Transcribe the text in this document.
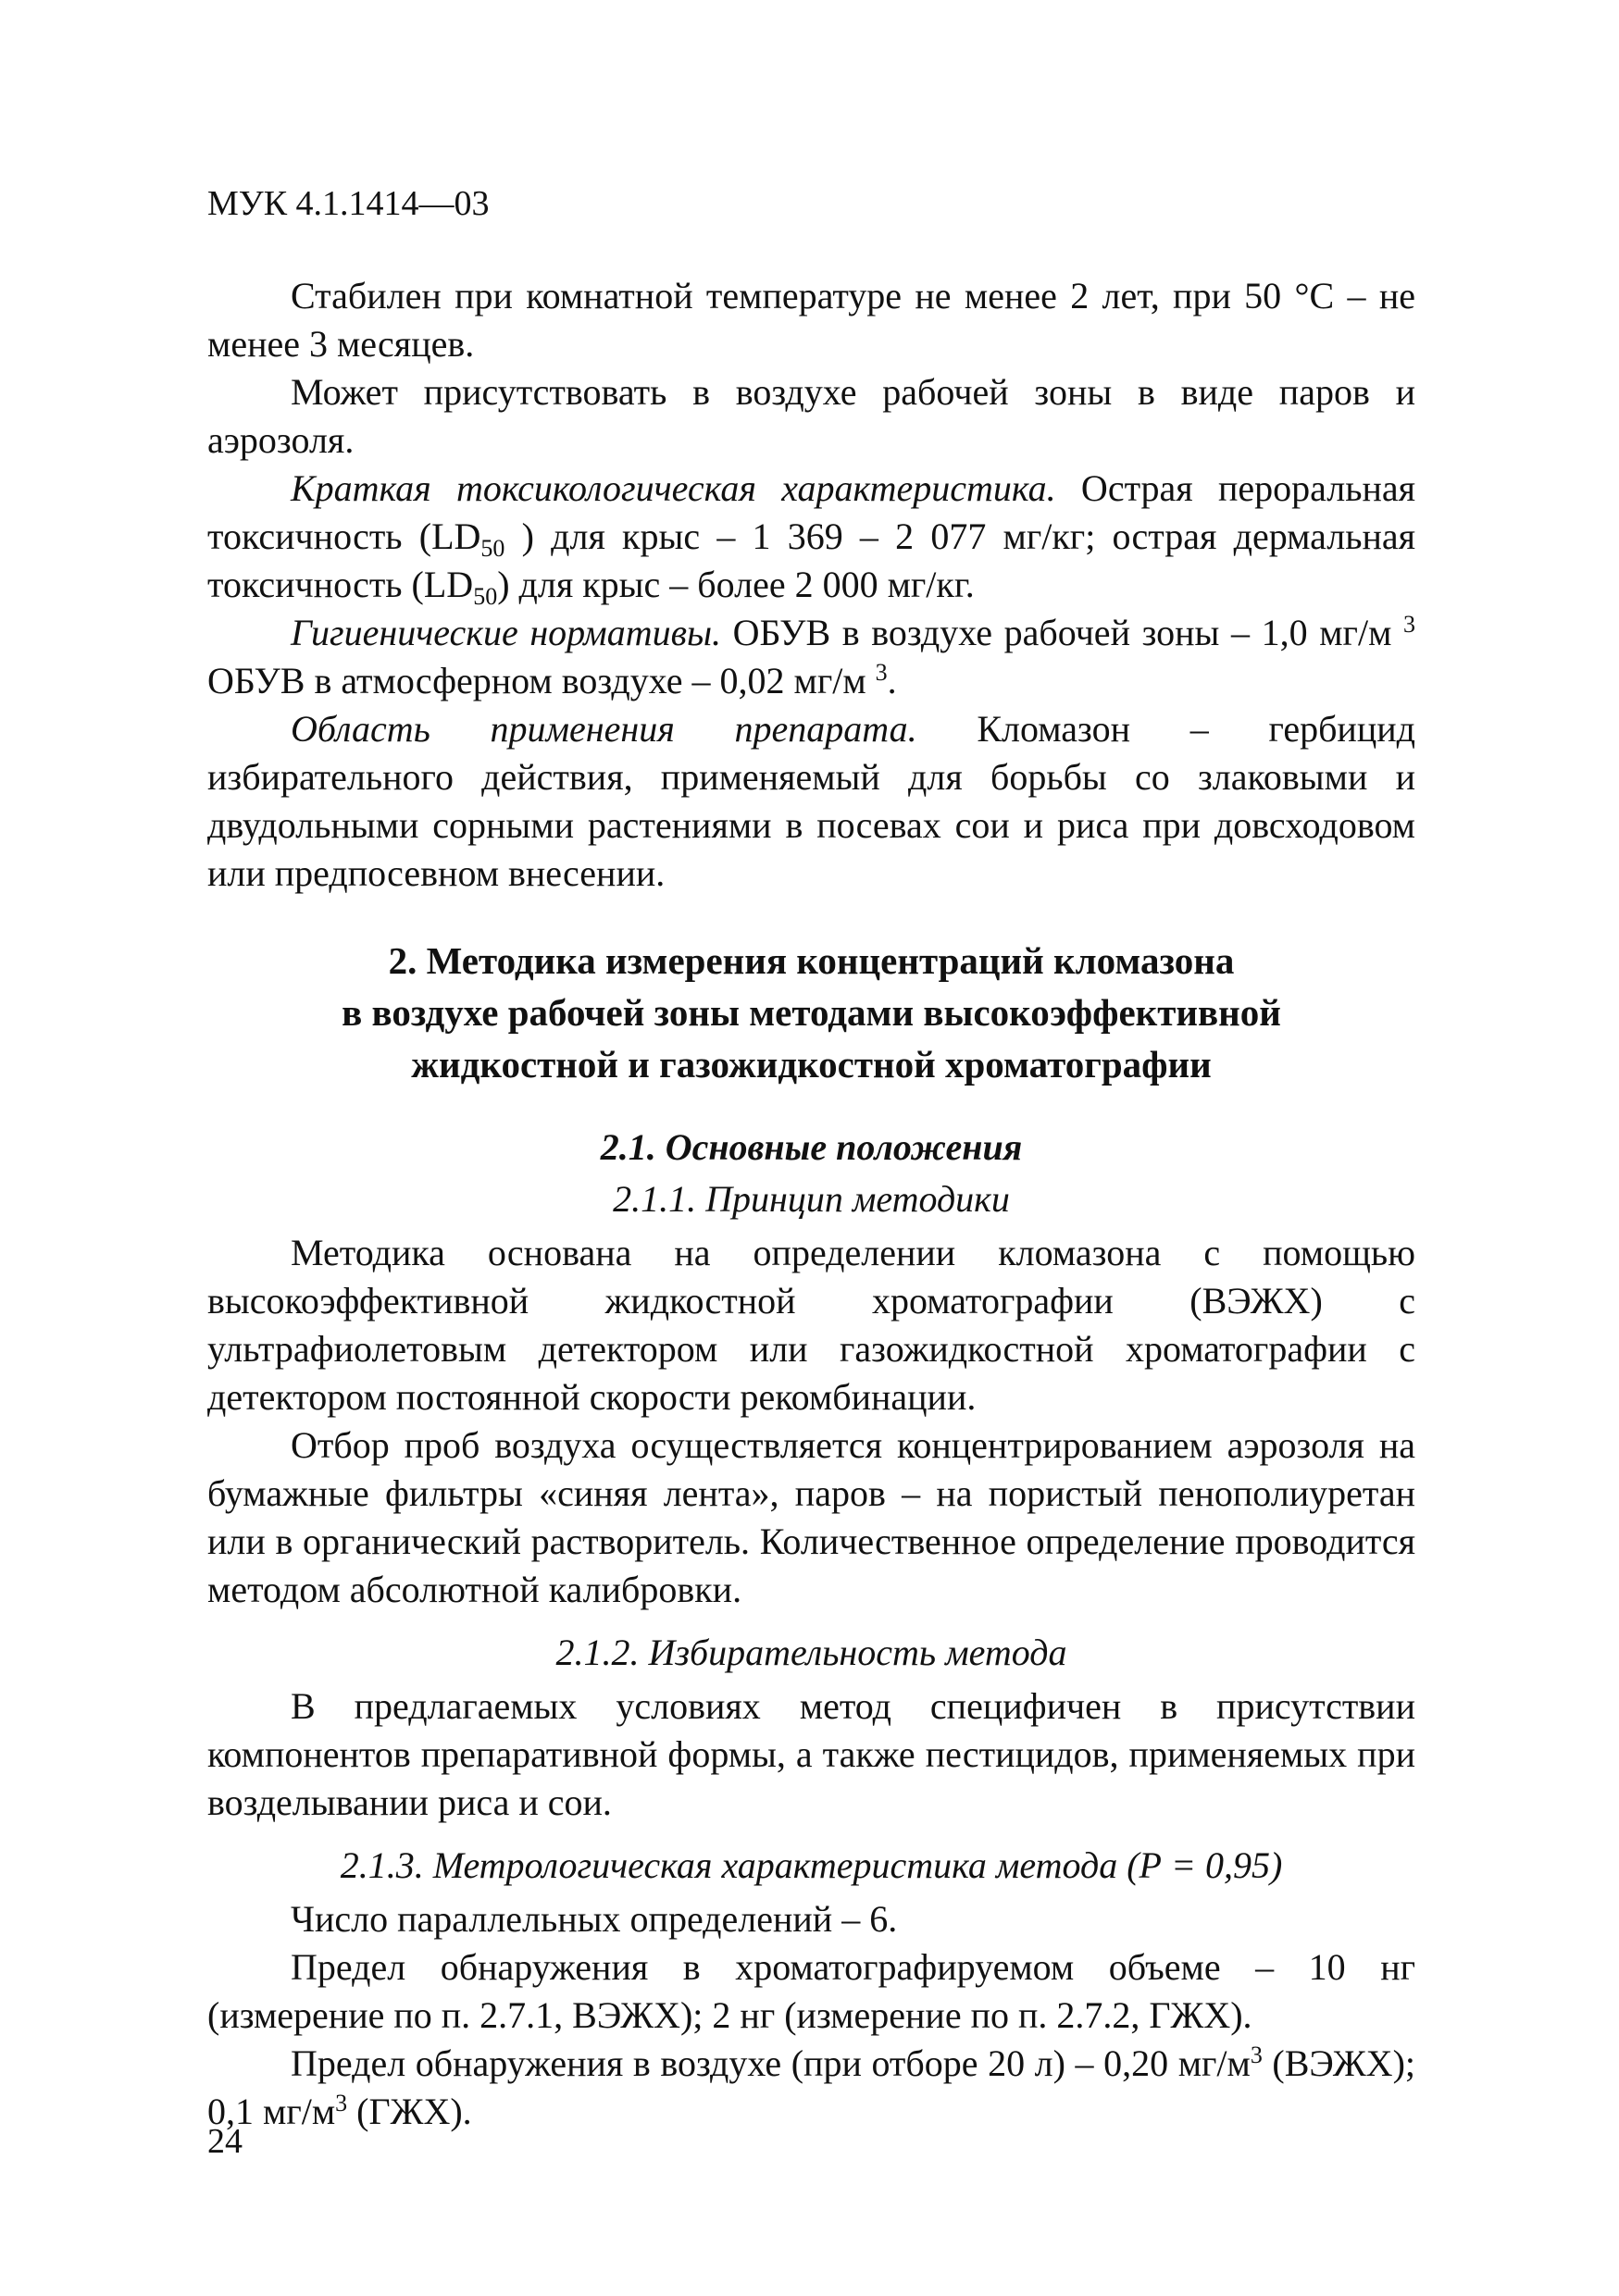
МУК 4.1.1414—03

Стабилен при комнатной температуре не менее 2 лет, при 50 °С – не менее 3 месяцев.

Может присутствовать в воздухе рабочей зоны в виде паров и аэрозоля.

Краткая токсикологическая характеристика. Острая пероральная токсичность ($LD_{50}$ ) для крыс – 1 369 – 2 077 мг/кг; острая дермальная токсичность $(LD_{50})$ для крыс – более 2 000 мг/кг.

Гигиенические нормативы. ОБУВ в воздухе рабочей зоны – 1,0 мг/м $^3$ ОБУВ в атмосферном воздухе – 0,02 мг/м $^3$.

Область применения препарата. Кломазон – гербицид избирательного действия, применяемый для борьбы со злаковыми и двудольными сорными растениями в посевах сои и риса при довсходовом или предпосевном внесении.

2. Методика измерения концентраций кломазона
в воздухе рабочей зоны методами высокоэффективной
жидкостной и газожидкостной хроматографии
2.1. Основные положения
2.1.1. Принцип методики

Методика основана на определении кломазона с помощью высокоэффективной жидкостной хроматографии (ВЭЖХ) с ультрафиолетовым детектором или газожидкостной хроматографии с детектором постоянной скорости рекомбинации.

Отбор проб воздуха осуществляется концентрированием аэрозоля на бумажные фильтры «синяя лента», паров – на пористый пенополиуретан или в органический растворитель. Количественное определение проводится методом абсолютной калибровки.

2.1.2. Избирательность метода

В предлагаемых условиях метод специфичен в присутствии компонентов препаративной формы, а также пестицидов, применяемых при возделывании риса и сои.

2.1.3. Метрологическая характеристика метода (Р = 0,95)

Число параллельных определений – 6.

Предел обнаружения в хроматографируемом объеме – 10 нг (измерение по п. 2.7.1, ВЭЖХ); 2 нг (измерение по п. 2.7.2, ГЖХ).

Предел обнаружения в воздухе (при отборе 20 л) – 0,20 $мг/м^3$ (ВЭЖХ); 0,1 $мг/м^3$ (ГЖХ).

24
